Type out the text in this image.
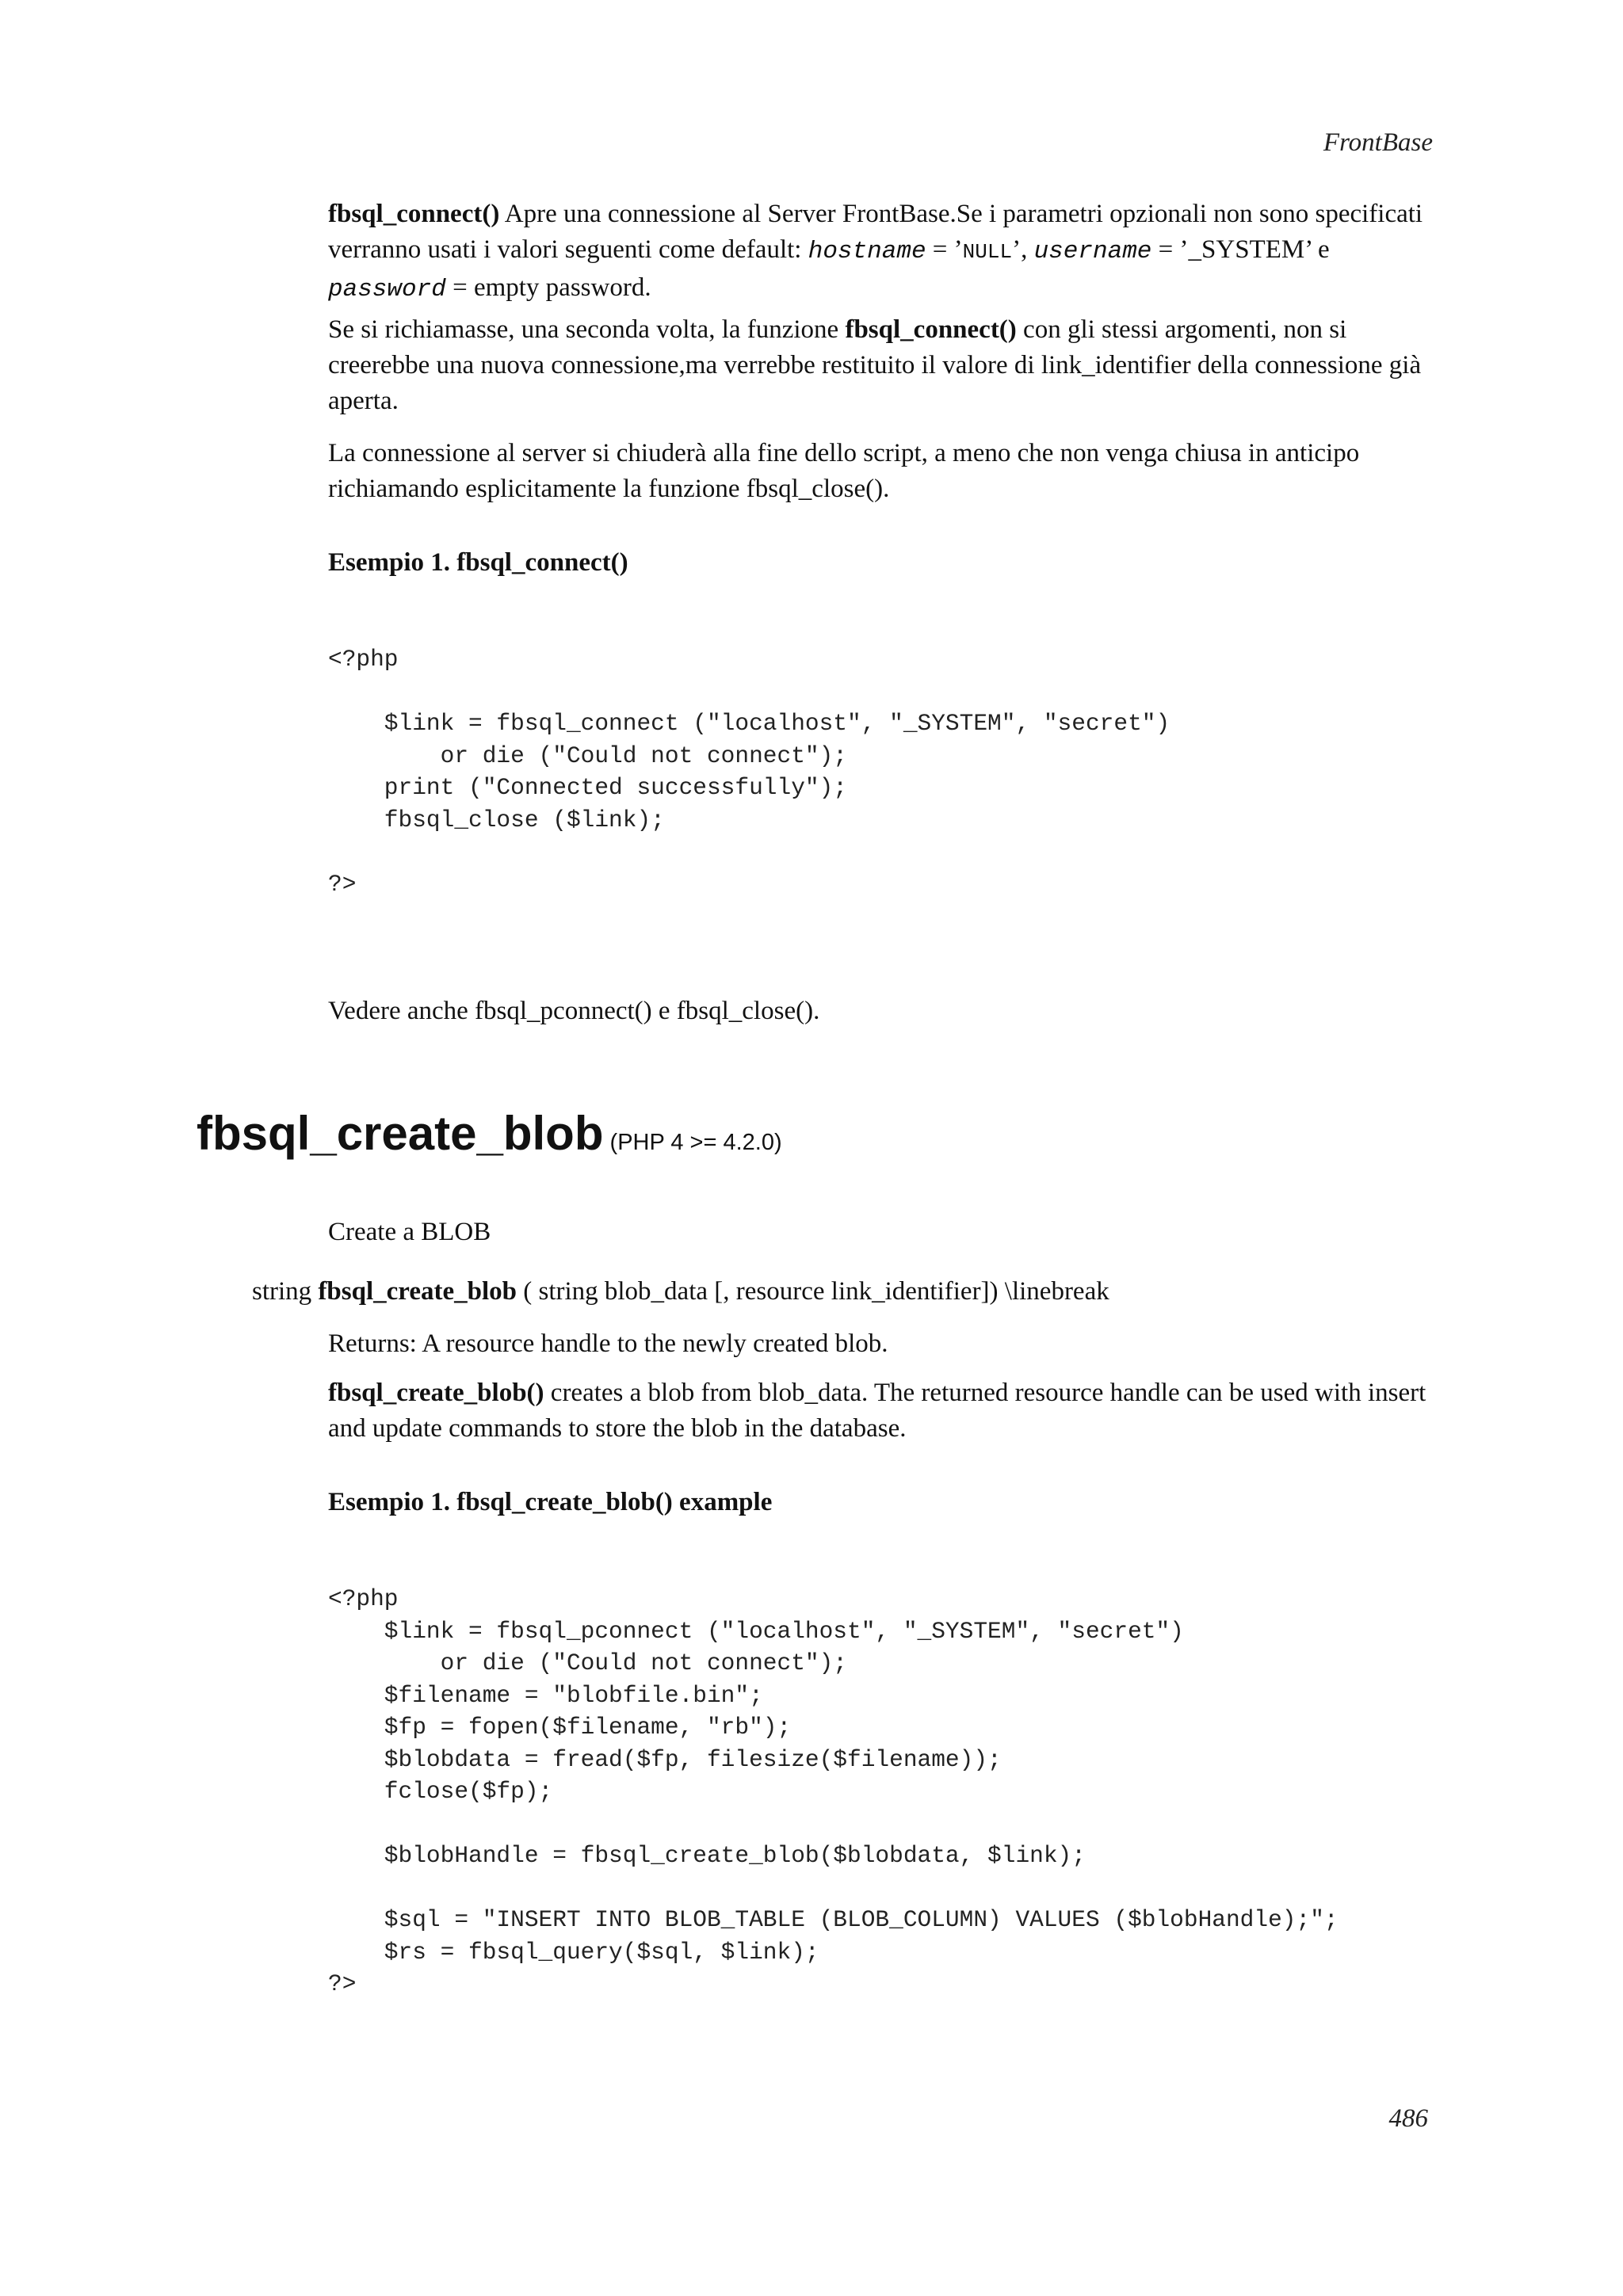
FrontBase

fbsql_connect() Apre una connessione al Server FrontBase.Se i parametri opzionali non sono specificati verranno usati i valori seguenti come default: hostname = ’NULL’, username = ’_SYSTEM’ e password = empty password.

Se si richiamasse, una seconda volta, la funzione fbsql_connect() con gli stessi argomenti, non si creerebbe una nuova connessione,ma verrebbe restituito il valore di link_identifier della connessione già aperta.

La connessione al server si chiuderà alla fine dello script, a meno che non venga chiusa in anticipo richiamando esplicitamente la funzione fbsql_close().

Esempio 1. fbsql_connect()
<?php

$link = fbsql_connect ("localhost", "_SYSTEM", "secret")
or die ("Could not connect");
print ("Connected successfully");
fbsql_close ($link);

?>

Vedere anche fbsql_pconnect() e fbsql_close().

fbsql_create_blob (PHP 4 >= 4.2.0)

Create a BLOB

string fbsql_create_blob ( string blob_data [, resource link_identifier]) \linebreak

Returns: A resource handle to the newly created blob.

fbsql_create_blob() creates a blob from blob_data. The returned resource handle can be used with insert and update commands to store the blob in the database.

Esempio 1. fbsql_create_blob() example
<?php
$link = fbsql_pconnect ("localhost", "_SYSTEM", "secret")
or die ("Could not connect");
$filename = "blobfile.bin";
$fp = fopen($filename, "rb");
$blobdata = fread($fp, filesize($filename));
fclose($fp);

$blobHandle = fbsql_create_blob($blobdata, $link);

$sql = "INSERT INTO BLOB_TABLE (BLOB_COLUMN) VALUES ($blobHandle);";
$rs = fbsql_query($sql, $link);
?>
486
